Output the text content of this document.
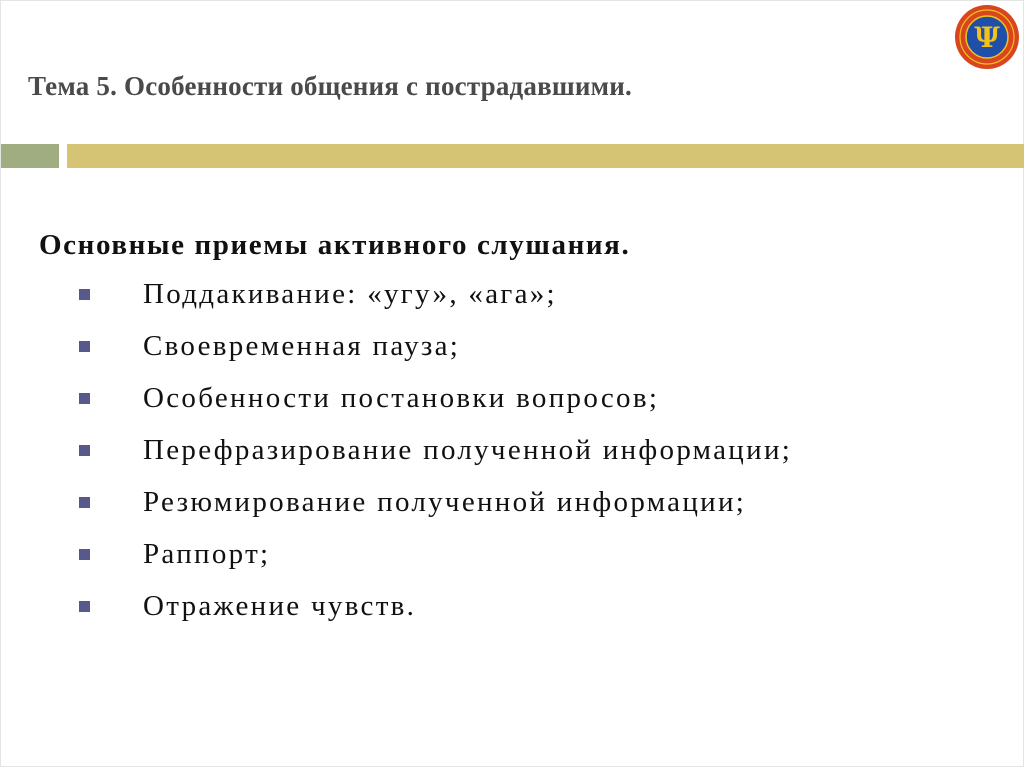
Тема 5. Особенности общения с пострадавшими.
Ψ
Основные приемы активного слушания.
Поддакивание: «угу», «ага»;
Своевременная пауза;
Особенности постановки вопросов;
Перефразирование полученной информации;
Резюмирование полученной информации;
Раппорт;
Отражение чувств.
